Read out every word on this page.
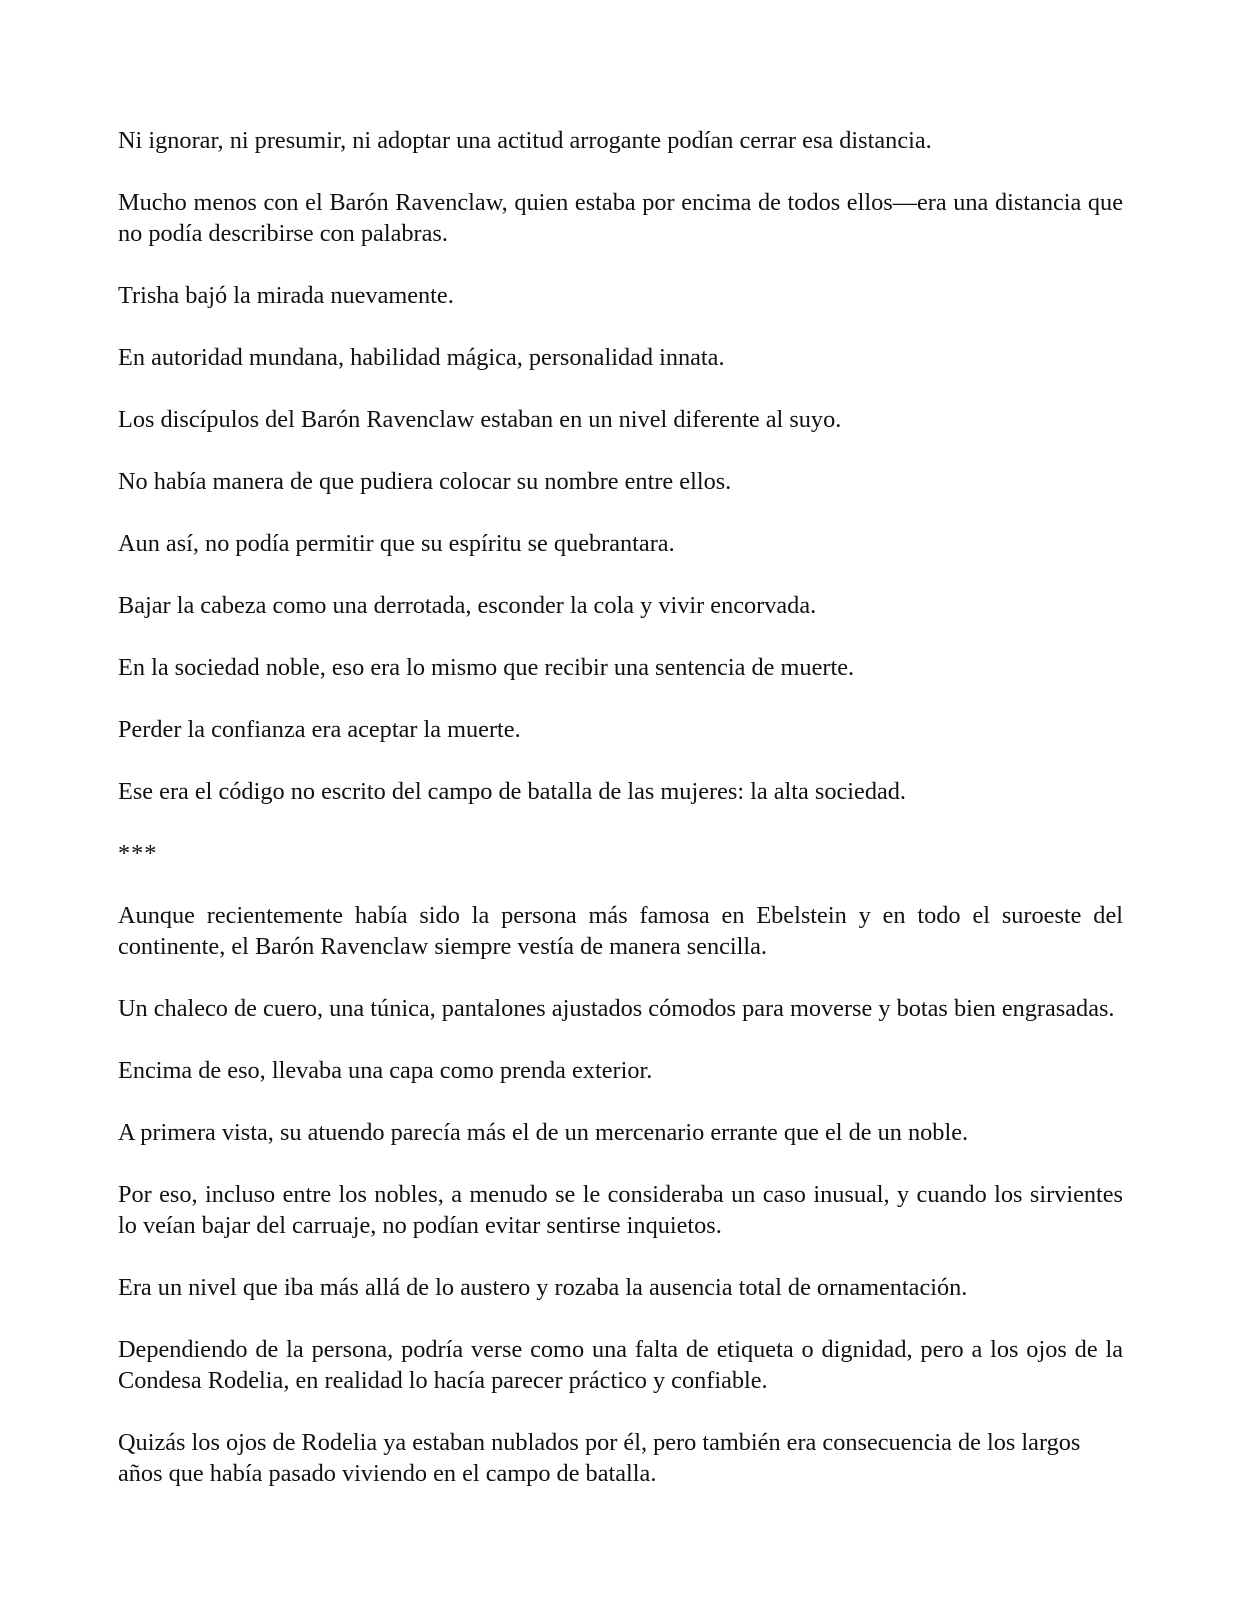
Ni ignorar, ni presumir, ni adoptar una actitud arrogante podían cerrar esa distancia.

Mucho menos con el Barón Ravenclaw, quien estaba por encima de todos ellos—era una distancia que no podía describirse con palabras.

Trisha bajó la mirada nuevamente.

En autoridad mundana, habilidad mágica, personalidad innata.

Los discípulos del Barón Ravenclaw estaban en un nivel diferente al suyo.

No había manera de que pudiera colocar su nombre entre ellos.

Aun así, no podía permitir que su espíritu se quebrantara.

Bajar la cabeza como una derrotada, esconder la cola y vivir encorvada.

En la sociedad noble, eso era lo mismo que recibir una sentencia de muerte.

Perder la confianza era aceptar la muerte.

Ese era el código no escrito del campo de batalla de las mujeres: la alta sociedad.

***

Aunque recientemente había sido la persona más famosa en Ebelstein y en todo el suroeste del continente, el Barón Ravenclaw siempre vestía de manera sencilla.

Un chaleco de cuero, una túnica, pantalones ajustados cómodos para moverse y botas bien engrasadas.

Encima de eso, llevaba una capa como prenda exterior.

A primera vista, su atuendo parecía más el de un mercenario errante que el de un noble.

Por eso, incluso entre los nobles, a menudo se le consideraba un caso inusual, y cuando los sirvientes lo veían bajar del carruaje, no podían evitar sentirse inquietos.

Era un nivel que iba más allá de lo austero y rozaba la ausencia total de ornamentación.

Dependiendo de la persona, podría verse como una falta de etiqueta o dignidad, pero a los ojos de la Condesa Rodelia, en realidad lo hacía parecer práctico y confiable.

Quizás los ojos de Rodelia ya estaban nublados por él, pero también era consecuencia de los largos años que había pasado viviendo en el campo de batalla.
